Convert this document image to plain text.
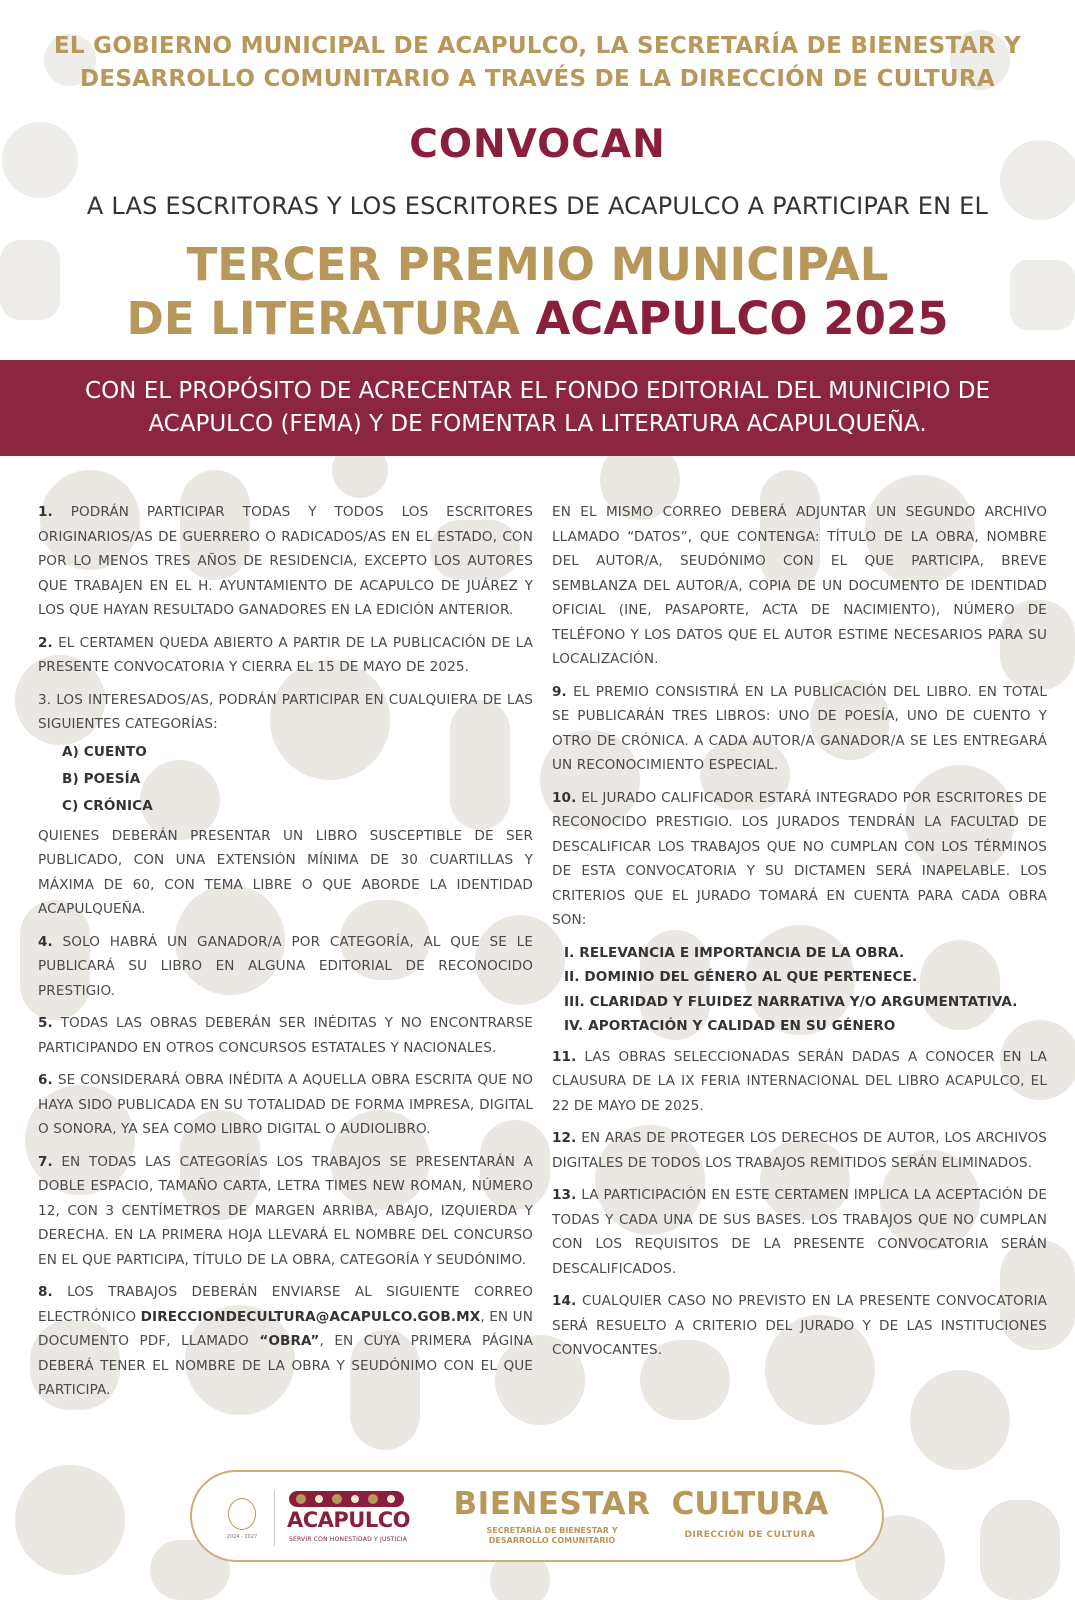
EL GOBIERNO MUNICIPAL DE ACAPULCO, LA SECRETARÍA DE BIENESTAR Y
DESARROLLO COMUNITARIO A TRAVÉS DE LA DIRECCIÓN DE CULTURA
CONVOCAN
A LAS ESCRITORAS Y LOS ESCRITORES DE ACAPULCO A PARTICIPAR EN EL
TERCER PREMIO MUNICIPAL
DE LITERATURA ACAPULCO 2025
CON EL PROPÓSITO DE ACRECENTAR EL FONDO EDITORIAL DEL MUNICIPIO DE
ACAPULCO (FEMA) Y DE FOMENTAR LA LITERATURA ACAPULQUEÑA.

1. PODRÁN PARTICIPAR TODAS Y TODOS LOS ESCRITORES ORIGINARIOS/AS DE GUERRERO O RADICADOS/AS EN EL ESTADO, CON POR LO MENOS TRES AÑOS DE RESIDENCIA, EXCEPTO LOS AUTORES QUE TRABAJEN EN EL H. AYUNTAMIENTO DE ACAPULCO DE JUÁREZ Y LOS QUE HAYAN RESULTADO GANADORES EN LA EDICIÓN ANTERIOR.

2. EL CERTAMEN QUEDA ABIERTO A PARTIR DE LA PUBLICACIÓN DE LA PRESENTE CONVOCATORIA Y CIERRA EL 15 DE MAYO DE 2025.

3. LOS INTERESADOS/AS, PODRÁN PARTICIPAR EN CUALQUIERA DE LAS SIGUIENTES CATEGORÍAS:

A) CUENTO
B) POESÍA
C) CRÓNICA

QUIENES DEBERÁN PRESENTAR UN LIBRO SUSCEPTIBLE DE SER PUBLICADO, CON UNA EXTENSIÓN MÍNIMA DE 30 CUARTILLAS Y MÁXIMA DE 60, CON TEMA LIBRE O QUE ABORDE LA IDENTIDAD ACAPULQUEÑA.

4. SOLO HABRÁ UN GANADOR/A POR CATEGORÍA, AL QUE SE LE PUBLICARÁ SU LIBRO EN ALGUNA EDITORIAL DE RECONOCIDO PRESTIGIO.

5. TODAS LAS OBRAS DEBERÁN SER INÉDITAS Y NO ENCONTRARSE PARTICIPANDO EN OTROS CONCURSOS ESTATALES Y NACIONALES.

6. SE CONSIDERARÁ OBRA INÉDITA A AQUELLA OBRA ESCRITA QUE NO HAYA SIDO PUBLICADA EN SU TOTALIDAD DE FORMA IMPRESA, DIGITAL O SONORA, YA SEA COMO LIBRO DIGITAL O AUDIOLIBRO.

7. EN TODAS LAS CATEGORÍAS LOS TRABAJOS SE PRESENTARÁN A DOBLE ESPACIO, TAMAÑO CARTA, LETRA TIMES NEW ROMAN, NÚMERO 12, CON 3 CENTÍMETROS DE MARGEN ARRIBA, ABAJO, IZQUIERDA Y DERECHA. EN LA PRIMERA HOJA LLEVARÁ EL NOMBRE DEL CONCURSO EN EL QUE PARTICIPA, TÍTULO DE LA OBRA, CATEGORÍA Y SEUDÓNIMO.

8. LOS TRABAJOS DEBERÁN ENVIARSE AL SIGUIENTE CORREO ELECTRÓNICO DIRECCIONDECULTURA@ACAPULCO.GOB.MX, EN UN DOCUMENTO PDF, LLAMADO “OBRA”, EN CUYA PRIMERA PÁGINA DEBERÁ TENER EL NOMBRE DE LA OBRA Y SEUDÓNIMO CON EL QUE PARTICIPA.

EN EL MISMO CORREO DEBERÁ ADJUNTAR UN SEGUNDO ARCHIVO LLAMADO “DATOS”, QUE CONTENGA: TÍTULO DE LA OBRA, NOMBRE DEL AUTOR/A, SEUDÓNIMO CON EL QUE PARTICIPA, BREVE SEMBLANZA DEL AUTOR/A, COPIA DE UN DOCUMENTO DE IDENTIDAD OFICIAL (INE, PASAPORTE, ACTA DE NACIMIENTO), NÚMERO DE TELÉFONO Y LOS DATOS QUE EL AUTOR ESTIME NECESARIOS PARA SU LOCALIZACIÓN.

9. EL PREMIO CONSISTIRÁ EN LA PUBLICACIÓN DEL LIBRO. EN TOTAL SE PUBLICARÁN TRES LIBROS: UNO DE POESÍA, UNO DE CUENTO Y OTRO DE CRÓNICA. A CADA AUTOR/A GANADOR/A SE LES ENTREGARÁ UN RECONOCIMIENTO ESPECIAL.

10. EL JURADO CALIFICADOR ESTARÁ INTEGRADO POR ESCRITORES DE RECONOCIDO PRESTIGIO. LOS JURADOS TENDRÁN LA FACULTAD DE DESCALIFICAR LOS TRABAJOS QUE NO CUMPLAN CON LOS TÉRMINOS DE ESTA CONVOCATORIA Y SU DICTAMEN SERÁ INAPELABLE. LOS CRITERIOS QUE EL JURADO TOMARÁ EN CUENTA PARA CADA OBRA SON:

I. RELEVANCIA E IMPORTANCIA DE LA OBRA.
II. DOMINIO DEL GÉNERO AL QUE PERTENECE.
III. CLARIDAD Y FLUIDEZ NARRATIVA Y/O ARGUMENTATIVA.
IV. APORTACIÓN Y CALIDAD EN SU GÉNERO

11. LAS OBRAS SELECCIONADAS SERÁN DADAS A CONOCER EN LA CLAUSURA DE LA IX FERIA INTERNACIONAL DEL LIBRO ACAPULCO, EL 22 DE MAYO DE 2025.

12. EN ARAS DE PROTEGER LOS DERECHOS DE AUTOR, LOS ARCHIVOS DIGITALES DE TODOS LOS TRABAJOS REMITIDOS SERÁN ELIMINADOS.

13. LA PARTICIPACIÓN EN ESTE CERTAMEN IMPLICA LA ACEPTACIÓN DE TODAS Y CADA UNA DE SUS BASES. LOS TRABAJOS QUE NO CUMPLAN CON LOS REQUISITOS DE LA PRESENTE CONVOCATORIA SERÁN DESCALIFICADOS.

14. CUALQUIER CASO NO PREVISTO EN LA PRESENTE CONVOCATORIA SERÁ RESUELTO A CRITERIO DEL JURADO Y DE LAS INSTITUCIONES CONVOCANTES.

2024 - 2027
ACAPULCO
SERVIR CON HONESTIDAD Y JUSTICIA
BIENESTAR
SECRETARÍA DE BIENESTAR Y
DESARROLLO COMUNITARIO
CULTURA
DIRECCIÓN DE CULTURA
